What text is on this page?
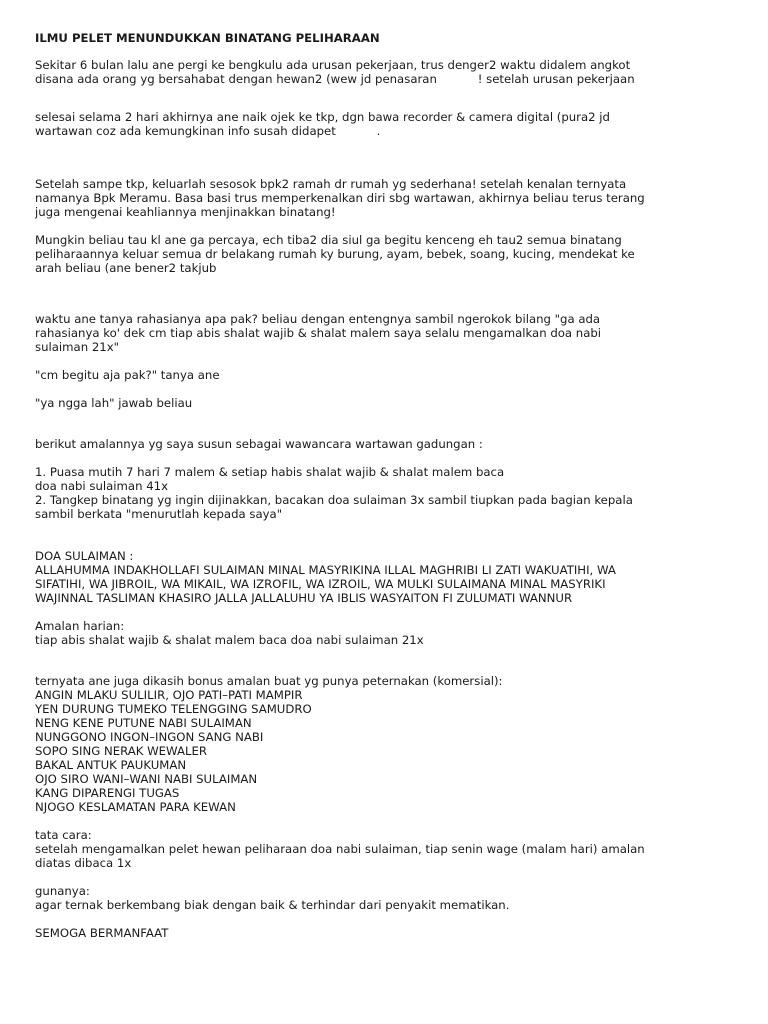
ILMU PELET MENUNDUKKAN BINATANG PELIHARAAN
Sekitar 6 bulan lalu ane pergi ke bengkulu ada urusan pekerjaan, trus denger2 waktu didalem angkot
disana ada orang yg bersahabat dengan hewan2 (wew jd penasaran           ! setelah urusan pekerjaan
selesai selama 2 hari akhirnya ane naik ojek ke tkp, dgn bawa recorder & camera digital (pura2 jd
wartawan coz ada kemungkinan info susah didapet           .
Setelah sampe tkp, keluarlah sesosok bpk2 ramah dr rumah yg sederhana! setelah kenalan ternyata
namanya Bpk Meramu. Basa basi trus memperkenalkan diri sbg wartawan, akhirnya beliau terus terang
juga mengenai keahliannya menjinakkan binatang!
Mungkin beliau tau kl ane ga percaya, ech tiba2 dia siul ga begitu kenceng eh tau2 semua binatang
peliharaannya keluar semua dr belakang rumah ky burung, ayam, bebek, soang, kucing, mendekat ke
arah beliau (ane bener2 takjub
waktu ane tanya rahasianya apa pak? beliau dengan entengnya sambil ngerokok bilang "ga ada
rahasianya ko' dek cm tiap abis shalat wajib & shalat malem saya selalu mengamalkan doa nabi
sulaiman 21x"
"cm begitu aja pak?" tanya ane
"ya ngga lah" jawab beliau
berikut amalannya yg saya susun sebagai wawancara wartawan gadungan :
1. Puasa mutih 7 hari 7 malem & setiap habis shalat wajib & shalat malem baca
doa nabi sulaiman 41x
2. Tangkep binatang yg ingin dijinakkan, bacakan doa sulaiman 3x sambil tiupkan pada bagian kepala
sambil berkata "menurutlah kepada saya"
DOA SULAIMAN :
ALLAHUMMA INDAKHOLLAFI SULAIMAN MINAL MASYRIKINA ILLAL MAGHRIBI LI ZATI WAKUATIHI, WA
SIFATIHI, WA JIBROIL, WA MIKAIL, WA IZROFIL, WA IZROIL, WA MULKI SULAIMANA MINAL MASYRIKI
WAJINNAL TASLIMAN KHASIRO JALLA JALLALUHU YA IBLIS WASYAITON FI ZULUMATI WANNUR
Amalan harian:
tiap abis shalat wajib & shalat malem baca doa nabi sulaiman 21x
ternyata ane juga dikasih bonus amalan buat yg punya peternakan (komersial):
ANGIN MLAKU SULILIR, OJO PATI–PATI MAMPIR
YEN DURUNG TUMEKO TELENGGING SAMUDRO
NENG KENE PUTUNE NABI SULAIMAN
NUNGGONO INGON–INGON SANG NABI
SOPO SING NERAK WEWALER
BAKAL ANTUK PAUKUMAN
OJO SIRO WANI–WANI NABI SULAIMAN
KANG DIPARENGI TUGAS
NJOGO KESLAMATAN PARA KEWAN
tata cara:
setelah mengamalkan pelet hewan peliharaan doa nabi sulaiman, tiap senin wage (malam hari) amalan
diatas dibaca 1x
gunanya:
agar ternak berkembang biak dengan baik & terhindar dari penyakit mematikan.
SEMOGA BERMANFAAT
